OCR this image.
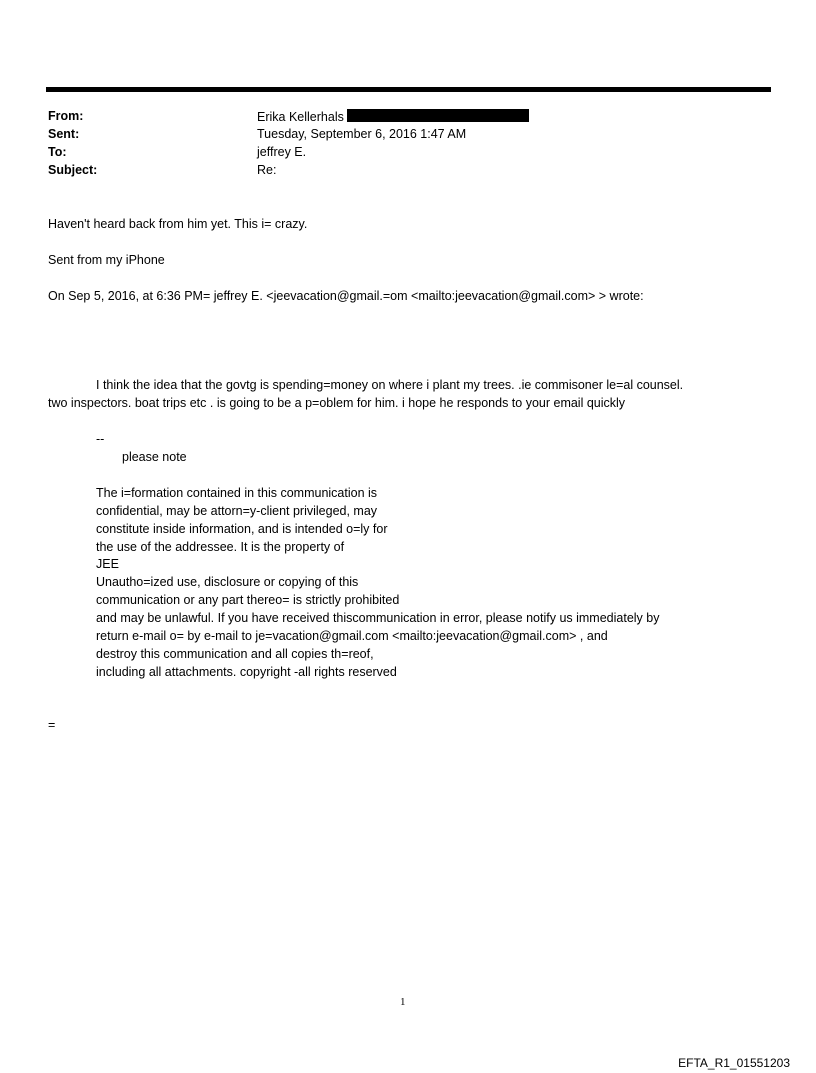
From:	Erika Kellerhals
Sent:	Tuesday, September 6, 2016 1:47 AM
To:	jeffrey E.
Subject:	Re:
Haven't heard back from him yet. This i= crazy.
Sent from my iPhone
On Sep 5, 2016, at 6:36 PM= jeffrey E. <jeevacation@gmail.=om <mailto:jeevacation@gmail.com> > wrote:
I think the idea that the govtg is spending=money on where i plant my trees. .ie commisoner le=al counsel.
two inspectors. boat trips etc . is going to be a p=oblem for him. i hope he responds to your email quickly
--
please note
The i=formation contained in this communication is
confidential, may be attorn=y-client privileged, may
constitute inside information, and is intended o=ly for
the use of the addressee. It is the property of
JEE
Unautho=ized use, disclosure or copying of this
communication or any part thereo= is strictly prohibited
and may be unlawful. If you have received thiscommunication in error, please notify us immediately by
return e-mail o= by e-mail to je=vacation@gmail.com <mailto:jeevacation@gmail.com> , and
destroy this communication and all copies th=reof,
including all attachments. copyright -all rights reserved
=
1
EFTA_R1_01551203
